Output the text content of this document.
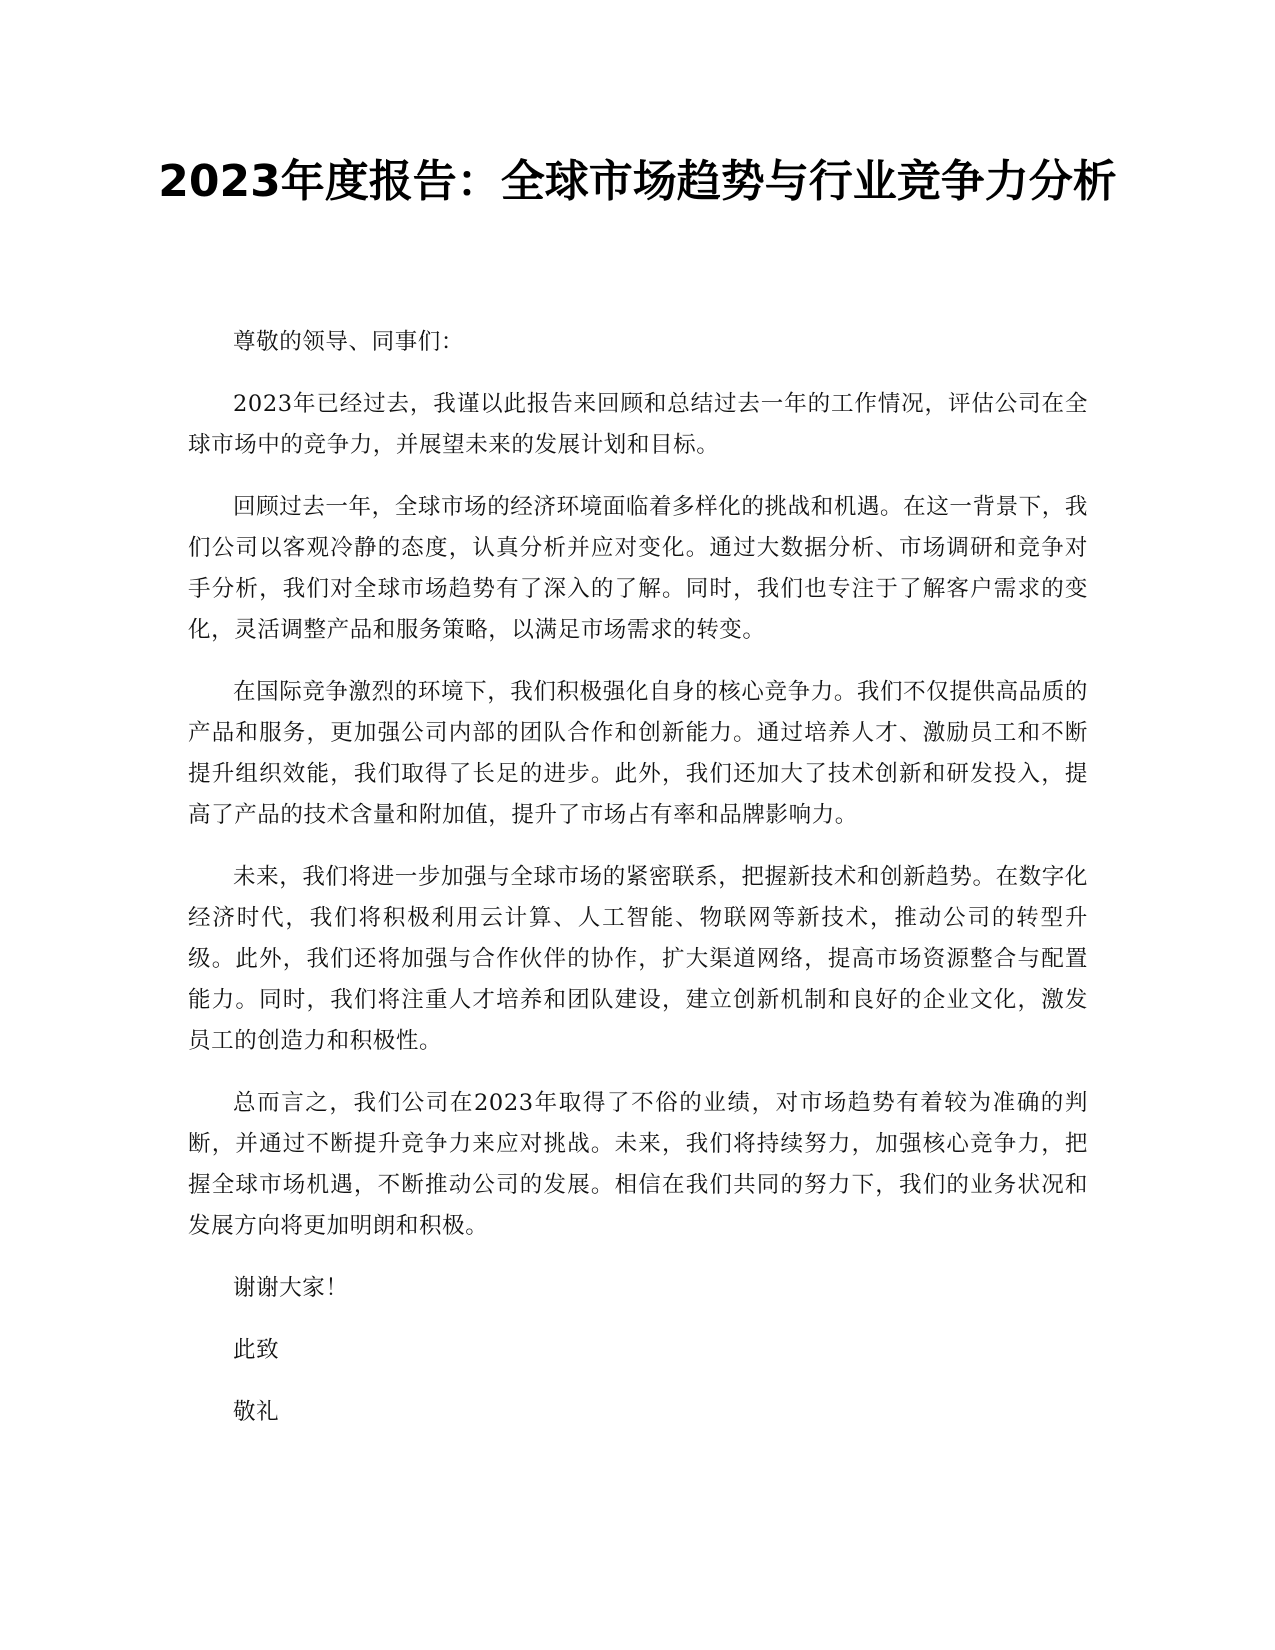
2023年度报告：全球市场趋势与行业竞争力分析

尊敬的领导、同事们：

2023年已经过去，我谨以此报告来回顾和总结过去一年的工作情况，评估公司在全球市场中的竞争力，并展望未来的发展计划和目标。

回顾过去一年，全球市场的经济环境面临着多样化的挑战和机遇。在这一背景下，我们公司以客观冷静的态度，认真分析并应对变化。通过大数据分析、市场调研和竞争对手分析，我们对全球市场趋势有了深入的了解。同时，我们也专注于了解客户需求的变化，灵活调整产品和服务策略，以满足市场需求的转变。

在国际竞争激烈的环境下，我们积极强化自身的核心竞争力。我们不仅提供高品质的产品和服务，更加强公司内部的团队合作和创新能力。通过培养人才、激励员工和不断提升组织效能，我们取得了长足的进步。此外，我们还加大了技术创新和研发投入，提高了产品的技术含量和附加值，提升了市场占有率和品牌影响力。

未来，我们将进一步加强与全球市场的紧密联系，把握新技术和创新趋势。在数字化经济时代，我们将积极利用云计算、人工智能、物联网等新技术，推动公司的转型升级。此外，我们还将加强与合作伙伴的协作，扩大渠道网络，提高市场资源整合与配置能力。同时，我们将注重人才培养和团队建设，建立创新机制和良好的企业文化，激发员工的创造力和积极性。

总而言之，我们公司在2023年取得了不俗的业绩，对市场趋势有着较为准确的判断，并通过不断提升竞争力来应对挑战。未来，我们将持续努力，加强核心竞争力，把握全球市场机遇，不断推动公司的发展。相信在我们共同的努力下，我们的业务状况和发展方向将更加明朗和积极。

谢谢大家！

此致

敬礼
